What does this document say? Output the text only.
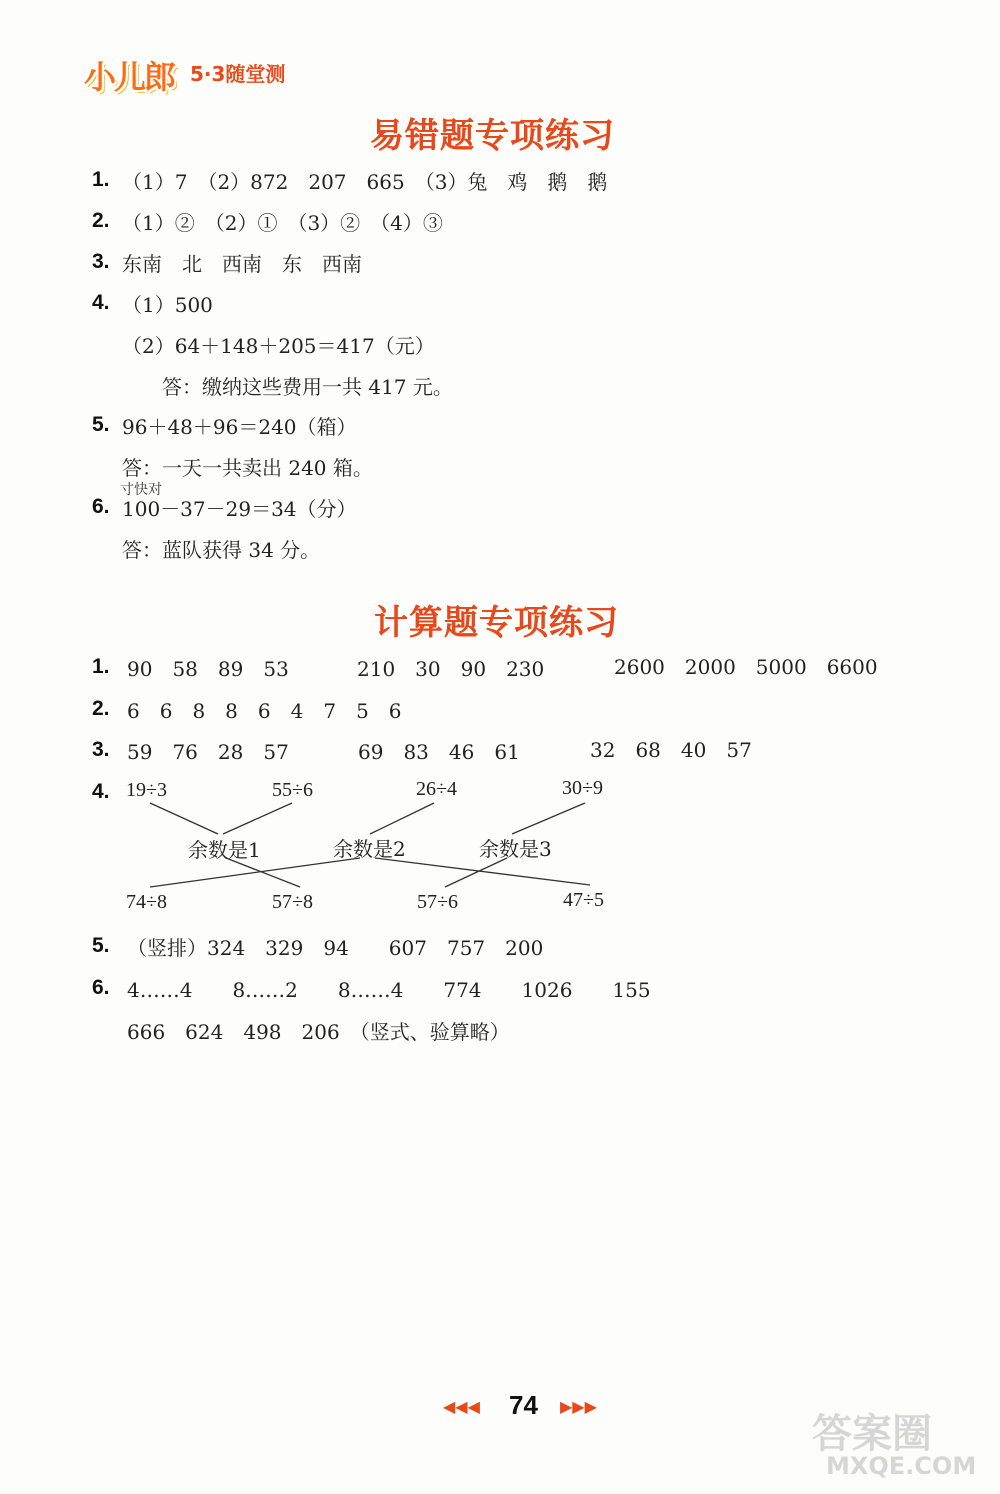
小儿郎 5·3随堂测
易错题专项练习
1. （1）7　（2）872　207　665　（3）兔　鸡　鹅　鹅
2. （1）②　（2）①　（3）②　（4）③
3. 东南　北　西南　东　西南
4. （1）500
（2）64＋148＋205＝417（元）
答：缴纳这些费用一共 417 元。
5. 96＋48＋96＝240（箱）
答：一天一共卖出 240 箱。
寸快对
6. 100－37－29＝34（分）
答：蓝队获得 34 分。
计算题专项练习
1. 90　58　89　53	210　30　90　230	2600　2000　5000　6600
2. 6　6　8　8　6　4　7　5　6
3. 59　76　28　57	69　83　46　61	32　68　40　57
4. 19÷3	55÷6	26÷4	30÷9
余数是1	余数是2	余数是3
74÷8	57÷8	57÷6	47÷5
5. （竖排）324　329　94　　607　757　200
6. 4……4　　8……2　　8……4　　774　　1026　　155
666　624　498　206　（竖式、验算略）
◀◀◀ 74 ▶▶▶
答案圈
MXQE.COM
